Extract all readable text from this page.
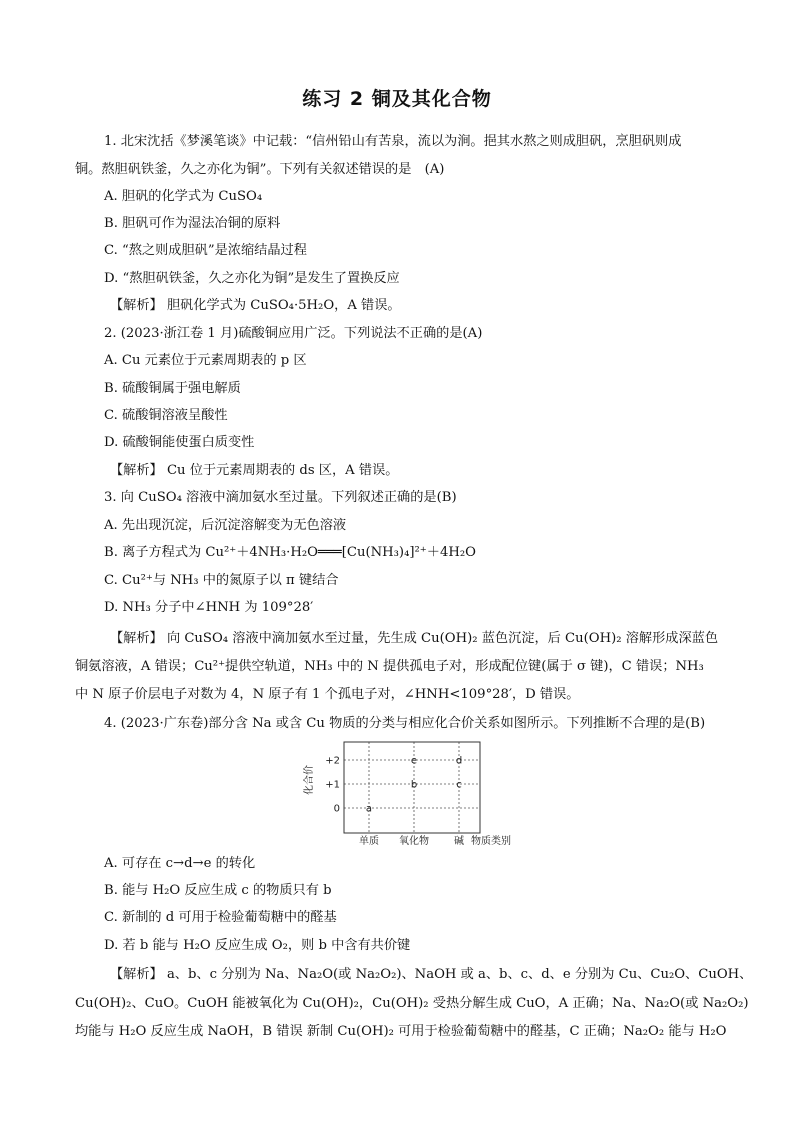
练习 2 铜及其化合物
1. 北宋沈括《梦溪笔谈》中记载：“信州铅山有苦泉，流以为涧。挹其水熬之则成胆矾，烹胆矾则成
铜。熬胆矾铁釜，久之亦化为铜”。下列有关叙述错误的是　(A)
A. 胆矾的化学式为 CuSO₄
B. 胆矾可作为湿法冶铜的原料
C. “熬之则成胆矾”是浓缩结晶过程
D. “熬胆矾铁釜，久之亦化为铜”是发生了置换反应
【解析】 胆矾化学式为 CuSO₄·5H₂O，A 错误。
2. (2023·浙江卷 1 月)硫酸铜应用广泛。下列说法不正确的是(A)
A. Cu 元素位于元素周期表的 p 区
B. 硫酸铜属于强电解质
C. 硫酸铜溶液呈酸性
D. 硫酸铜能使蛋白质变性
【解析】 Cu 位于元素周期表的 ds 区，A 错误。
3. 向 CuSO₄ 溶液中滴加氨水至过量。下列叙述正确的是(B)
A. 先出现沉淀，后沉淀溶解变为无色溶液
B. 离子方程式为 Cu²⁺＋4NH₃·H₂O═══[Cu(NH₃)₄]²⁺＋4H₂O
C. Cu²⁺与 NH₃ 中的氮原子以 π 键结合
D. NH₃ 分子中∠HNH 为 109°28′
【解析】 向 CuSO₄ 溶液中滴加氨水至过量，先生成 Cu(OH)₂ 蓝色沉淀，后 Cu(OH)₂ 溶解形成深蓝色
铜氨溶液，A 错误；Cu²⁺提供空轨道，NH₃ 中的 N 提供孤电子对，形成配位键(属于 σ 键)，C 错误；NH₃
中 N 原子价层电子对数为 4，N 原子有 1 个孤电子对，∠HNH<109°28′，D 错误。
4. (2023·广东卷)部分含 Na 或含 Cu 物质的分类与相应化合价关系如图所示。下列推断不合理的是(B)
+2
+1
0
单质 氧化物	碱 物质类别
化合价
a
b	c
d
e
A. 可存在 c→d→e 的转化
B. 能与 H₂O 反应生成 c 的物质只有 b
C. 新制的 d 可用于检验葡萄糖中的醛基
D. 若 b 能与 H₂O 反应生成 O₂，则 b 中含有共价键
【解析】 a、b、c 分别为 Na、Na₂O(或 Na₂O₂)、NaOH 或 a、b、c、d、e 分别为 Cu、Cu₂O、CuOH、
Cu(OH)₂、CuO。CuOH 能被氧化为 Cu(OH)₂，Cu(OH)₂ 受热分解生成 CuO，A 正确；Na、Na₂O(或 Na₂O₂)
均能与 H₂O 反应生成 NaOH，B 错误 新制 Cu(OH)₂ 可用于检验葡萄糖中的醛基，C 正确；Na₂O₂ 能与 H₂O
